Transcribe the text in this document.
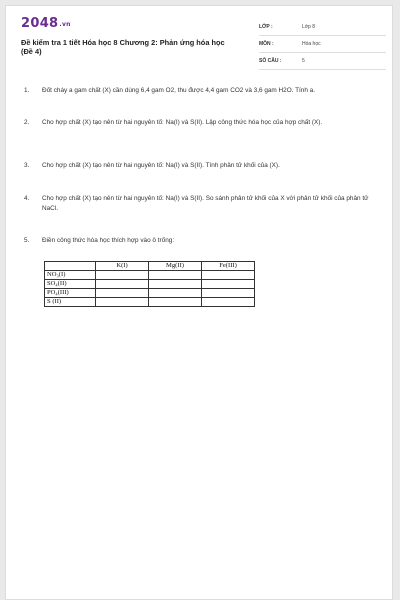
2048.vn
Đề kiểm tra 1 tiết Hóa học 8 Chương 2: Phản ứng hóa học (Đề 4)
LỚP :	Lớp 8
MÔN :	Hóa học
SỐ CÂU :	5
1. Đốt cháy a gam chất (X) cần dùng 6,4 gam O2, thu được 4,4 gam CO2 và 3,6 gam H2O. Tính a.
2. Cho hợp chất (X) tạo nên từ hai nguyên tố: Na(I) và S(II). Lập công thức hóa học của hợp chất (X).
3. Cho hợp chất (X) tạo nên từ hai nguyên tố: Na(I) và S(II). Tính phân tử khối của (X).
4. Cho hợp chất (X) tạo nên từ hai nguyên tố: Na(I) và S(II). So sánh phân tử khối của X với phân tử khối của phân tử NaCl.
5. Điền công thức hóa học thích hợp vào ô trống:
	K(I)	Mg(II)	Fe(III)
NO₃(I)			
SO₄(II)			
PO₄(III)			
S (II)			
